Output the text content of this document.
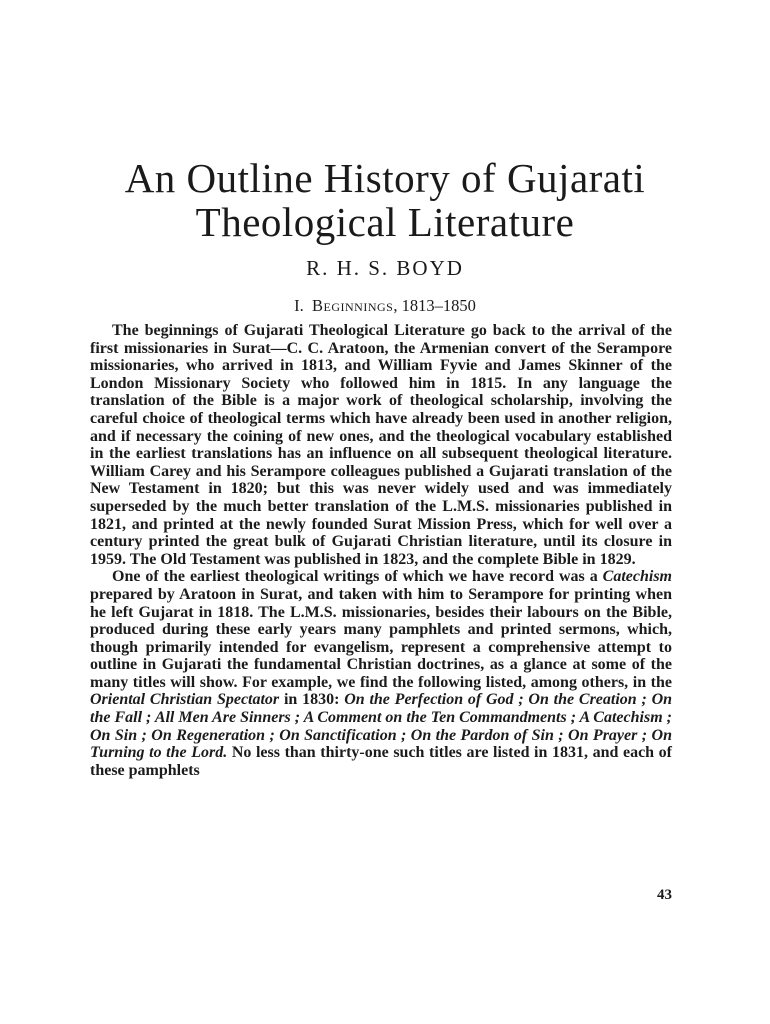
An Outline History of Gujarati
Theological Literature
R. H. S. BOYD
I. Beginnings, 1813–1850

The beginnings of Gujarati Theological Literature go back to the arrival of the first missionaries in Surat—C. C. Aratoon, the Armenian convert of the Serampore missionaries, who arrived in 1813, and William Fyvie and James Skinner of the London Missionary Society who followed him in 1815. In any language the translation of the Bible is a major work of theological scholarship, involving the careful choice of theological terms which have already been used in another religion, and if necessary the coining of new ones, and the theological vocabulary established in the earliest translations has an influence on all subsequent theological literature. William Carey and his Serampore colleagues published a Gujarati translation of the New Testament in 1820; but this was never widely used and was immediately superseded by the much better translation of the L.M.S. missionaries published in 1821, and printed at the newly founded Surat Mission Press, which for well over a century printed the great bulk of Gujarati Christian literature, until its closure in 1959. The Old Testament was published in 1823, and the complete Bible in 1829.

One of the earliest theological writings of which we have record was a Catechism prepared by Aratoon in Surat, and taken with him to Serampore for printing when he left Gujarat in 1818. The L.M.S. missionaries, besides their labours on the Bible, produced during these early years many pamphlets and printed sermons, which, though primarily intended for evangelism, represent a comprehensive attempt to outline in Gujarati the fundamental Christian doctrines, as a glance at some of the many titles will show. For example, we find the following listed, among others, in the Oriental Christian Spectator in 1830: On the Perfection of God ; On the Creation ; On the Fall ; All Men Are Sinners ; A Comment on the Ten Commandments ; A Catechism ; On Sin ; On Regeneration ; On Sanctification ; On the Pardon of Sin ; On Prayer ; On Turning to the Lord. No less than thirty-one such titles are listed in 1831, and each of these pamphlets

43
